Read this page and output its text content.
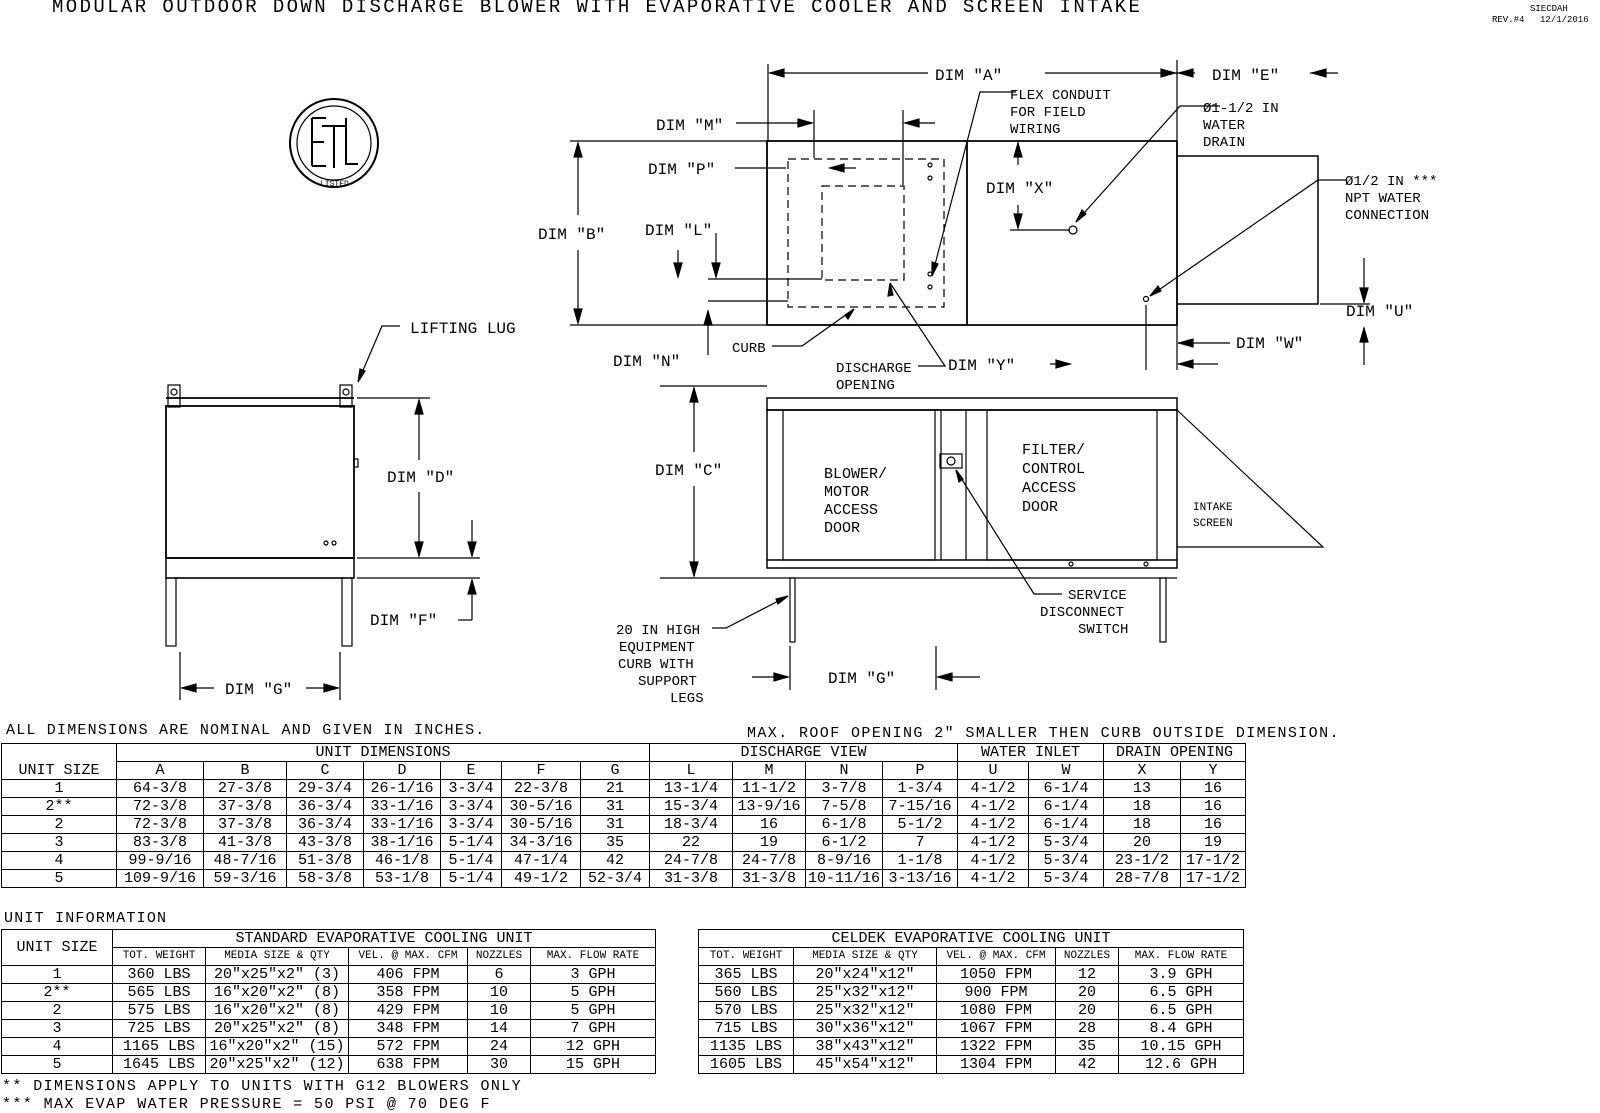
MODULAR OUTDOOR DOWN DISCHARGE BLOWER WITH EVAPORATIVE COOLER AND SCREEN INTAKE	SIECDAH
REV.#4 12/1/2016
LISTED
DIM "A"	DIM "E"
DIM "M"
DIM "P"
DIM "B" DIM "L"
DIM "X"
DIM "U"
DIM "W"
DIM "Y"
DIM "N"
LIFTING LUG
DIM "D"
DIM "F"
DIM "G"
DIM "C"
DIM "G"
CURB
FLEX CONDUIT
FOR FIELD
WIRING
Ø1-1/2 IN
WATER
DRAIN
Ø1/2 IN ***
NPT WATER
CONNECTION
DISCHARGE
OPENING
SERVICE
DISCONNECT
SWITCH
20 IN HIGH
EQUIPMENT
CURB WITH
SUPPORT
LEGS
BLOWER/
MOTOR
ACCESS
DOOR
FILTER/
CONTROL
ACCESS
DOOR	INTAKE
SCREEN
ALL DIMENSIONS ARE NOMINAL AND GIVEN IN INCHES.	MAX. ROOF OPENING 2" SMALLER THEN CURB OUTSIDE DIMENSION.
	UNIT DIMENSIONS							DISCHARGE VIEW				WATER INLET		DRAIN OPENING	
UNIT SIZE	A	B	C	D	E	F	G	L	M	N	P	U	W	X	Y
1	64-3/8	27-3/8	29-3/4	26-1/16	3-3/4	22-3/8	21	13-1/4	11-1/2	3-7/8	1-3/4	4-1/2	6-1/4	13	16
2**	72-3/8	37-3/8	36-3/4	33-1/16	3-3/4	30-5/16	31	15-3/4	13-9/16	7-5/8	7-15/16	4-1/2	6-1/4	18	16
2	72-3/8	37-3/8	36-3/4	33-1/16	3-3/4	30-5/16	31	18-3/4	16	6-1/8	5-1/2	4-1/2	6-1/4	18	16
3	83-3/8	41-3/8	43-3/8	38-1/16	5-1/4	34-3/16	35	22	19	6-1/2	7	4-1/2	5-3/4	20	19
4	99-9/16	48-7/16	51-3/8	46-1/8	5-1/4	47-1/4	42	24-7/8	24-7/8	8-9/16	1-1/8	4-1/2	5-3/4	23-1/2	17-1/2
5	109-9/16	59-3/16	58-3/8	53-1/8	5-1/4	49-1/2	52-3/4	31-3/8	31-3/8	10-11/16	3-13/16	4-1/2	5-3/4	28-7/8	17-1/2
UNIT INFORMATION
UNIT SIZE	STANDARD EVAPORATIVE COOLING UNIT				
	TOT. WEIGHT	MEDIA SIZE & QTY	VEL. @ MAX. CFM	NOZZLES	MAX. FLOW RATE
1	360 LBS	20"x25"x2" (3)	406 FPM	6	3 GPH
2**	565 LBS	16"x20"x2" (8)	358 FPM	10	5 GPH
2	575 LBS	16"x20"x2" (8)	429 FPM	10	5 GPH
3	725 LBS	20"x25"x2" (8)	348 FPM	14	7 GPH
4	1165 LBS	16"x20"x2" (15)	572 FPM	24	12 GPH
5	1645 LBS	20"x25"x2" (12)	638 FPM	30	15 GPH
CELDEK EVAPORATIVE COOLING UNIT				
TOT. WEIGHT	MEDIA SIZE & QTY	VEL. @ MAX. CFM	NOZZLES	MAX. FLOW RATE
365 LBS	20"x24"x12"	1050 FPM	12	3.9 GPH
560 LBS	25"x32"x12"	900 FPM	20	6.5 GPH
570 LBS	25"x32"x12"	1080 FPM	20	6.5 GPH
715 LBS	30"x36"x12"	1067 FPM	28	8.4 GPH
1135 LBS	38"x43"x12"	1322 FPM	35	10.15 GPH
1605 LBS	45"x54"x12"	1304 FPM	42	12.6 GPH
** DIMENSIONS APPLY TO UNITS WITH G12 BLOWERS ONLY
*** MAX EVAP WATER PRESSURE = 50 PSI @ 70 DEG F
